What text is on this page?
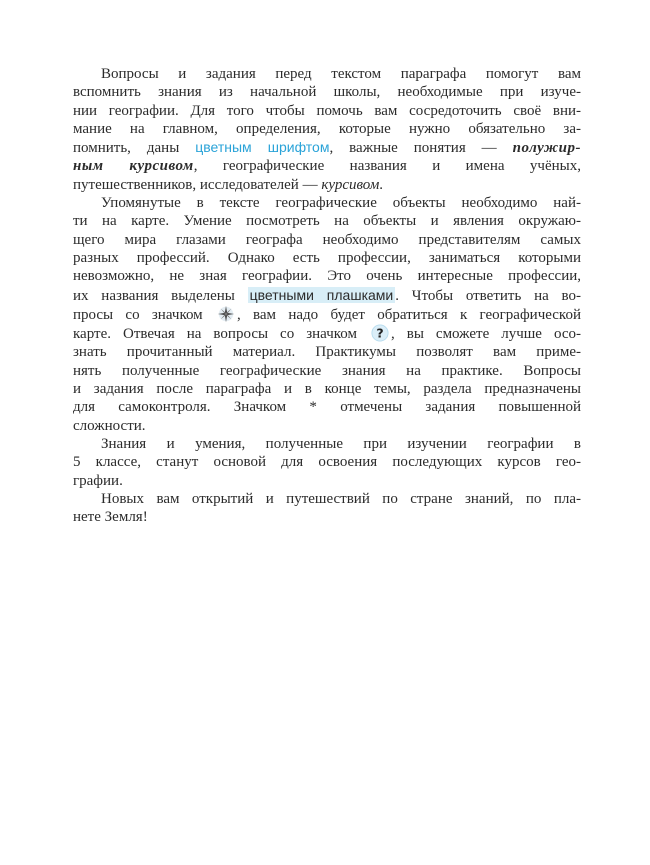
Вопросы и задания перед текстом параграфа помогут вам
вспомнить знания из начальной школы, необходимые при изуче-
нии географии. Для того чтобы помочь вам сосредоточить своё вни-
мание на главном, определения, которые нужно обязательно за-
помнить, даны цветным шрифтом, важные понятия — полужир-
ным курсивом, географические названия и имена учёных,
путешественников, исследователей — курсивом.
Упомянутые в тексте географические объекты необходимо най-
ти на карте. Умение посмотреть на объекты и явления окружаю-
щего мира глазами географа необходимо представителям самых
разных профессий. Однако есть профессии, заниматься которыми
невозможно, не зная географии. Это очень интересные профессии,
их названия выделены цветными плашками . Чтобы ответить на во-
просы со значком , вам надо будет обратиться к географической
карте. Отвечая на вопросы со значком ? , вы сможете лучше осо-
знать прочитанный материал. Практикумы позволят вам приме-
нять полученные географические знания на практике. Вопросы
и задания после параграфа и в конце темы, раздела предназначены
для самоконтроля. Значком * отмечены задания повышенной
сложности.
Знания и умения, полученные при изучении географии в
5 классе, станут основой для освоения последующих курсов гео-
графии.
Новых вам открытий и путешествий по стране знаний, по пла-
нете Земля!
